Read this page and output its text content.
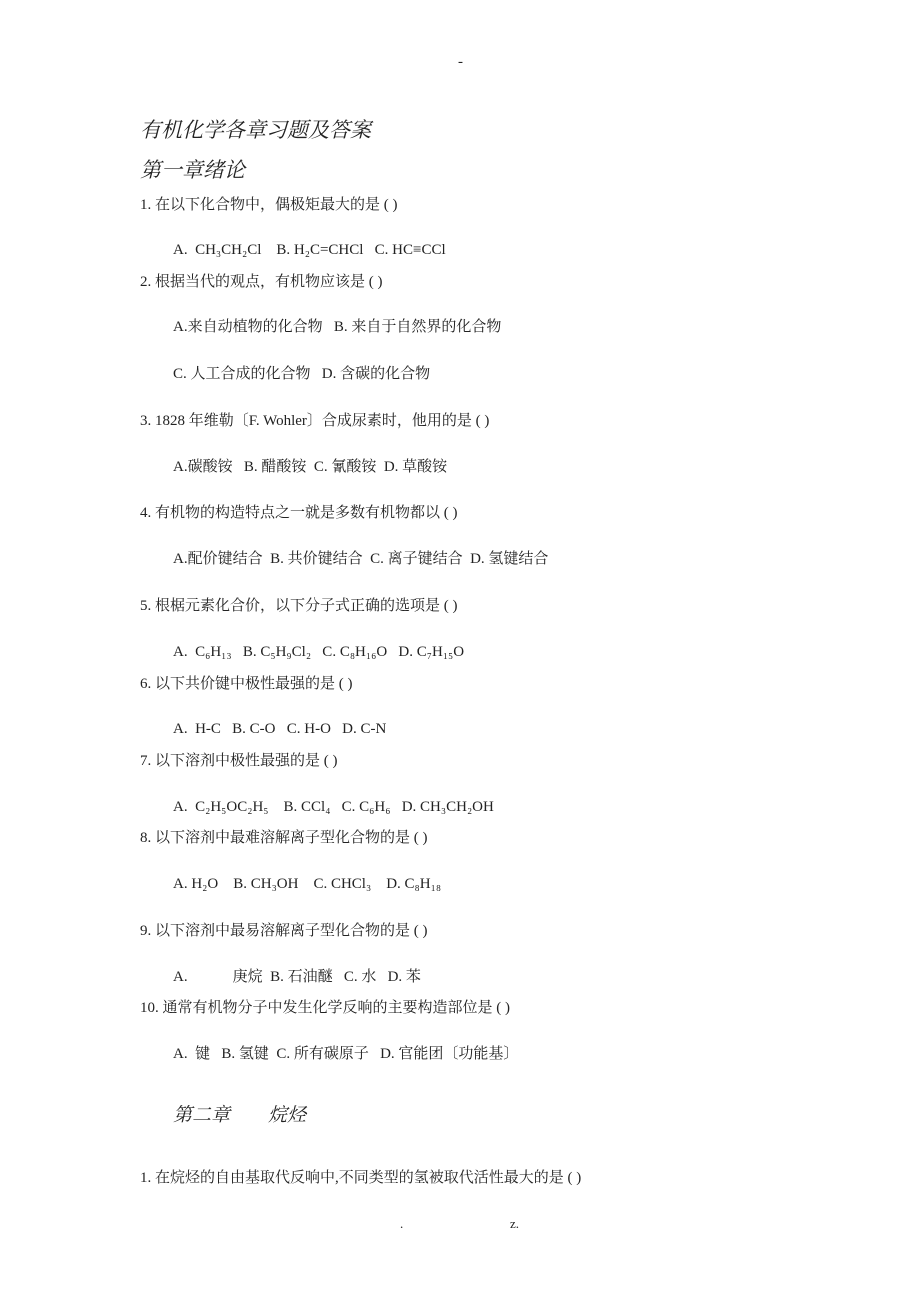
-
有机化学各章习题及答案
第一章绪论
1. 在以下化合物中，偶极矩最大的是 ( )
A.  CH₃CH₂Cl    B. H₂C=CHCl   C. HC≡CCl
2. 根据当代的观点，有机物应该是 ( )
A.来自动植物的化合物   B. 来自于自然界的化合物
C. 人工合成的化合物   D. 含碳的化合物
3. 1828 年维勒〔F. Wohler〕合成尿素时，他用的是 ( )
A.碳酸铵   B. 醋酸铵  C. 氰酸铵  D. 草酸铵
4. 有机物的构造特点之一就是多数有机物都以 ( )
A.配价键结合  B. 共价键结合  C. 离子键结合  D. 氢键结合
5. 根椐元素化合价，以下分子式正确的选项是 ( )
A.  C₆H₁₃   B. C₅H₉Cl₂   C. C₈H₁₆O   D. C₇H₁₅O
6. 以下共价键中极性最强的是 ( )
A.  H-C   B. C-O   C. H-O   D. C-N
7. 以下溶剂中极性最强的是 ( )
A.  C₂H₅OC₂H₅    B. CCl₄   C. C₆H₆   D. CH₃CH₂OH
8. 以下溶剂中最难溶解离子型化合物的是 ( )
A. H₂O    B. CH₃OH    C. CHCl₃    D. C₈H₁₈
9. 以下溶剂中最易溶解离子型化合物的是 ( )
A.            庚烷  B. 石油醚   C. 水   D. 苯
10. 通常有机物分子中发生化学反响的主要构造部位是 ( )
A.  键   B. 氢键  C. 所有碳原子   D. 官能团〔功能基〕
第二章        烷烃
1. 在烷烃的自由基取代反响中,不同类型的氢被取代活性最大的是 ( )
.	z.
